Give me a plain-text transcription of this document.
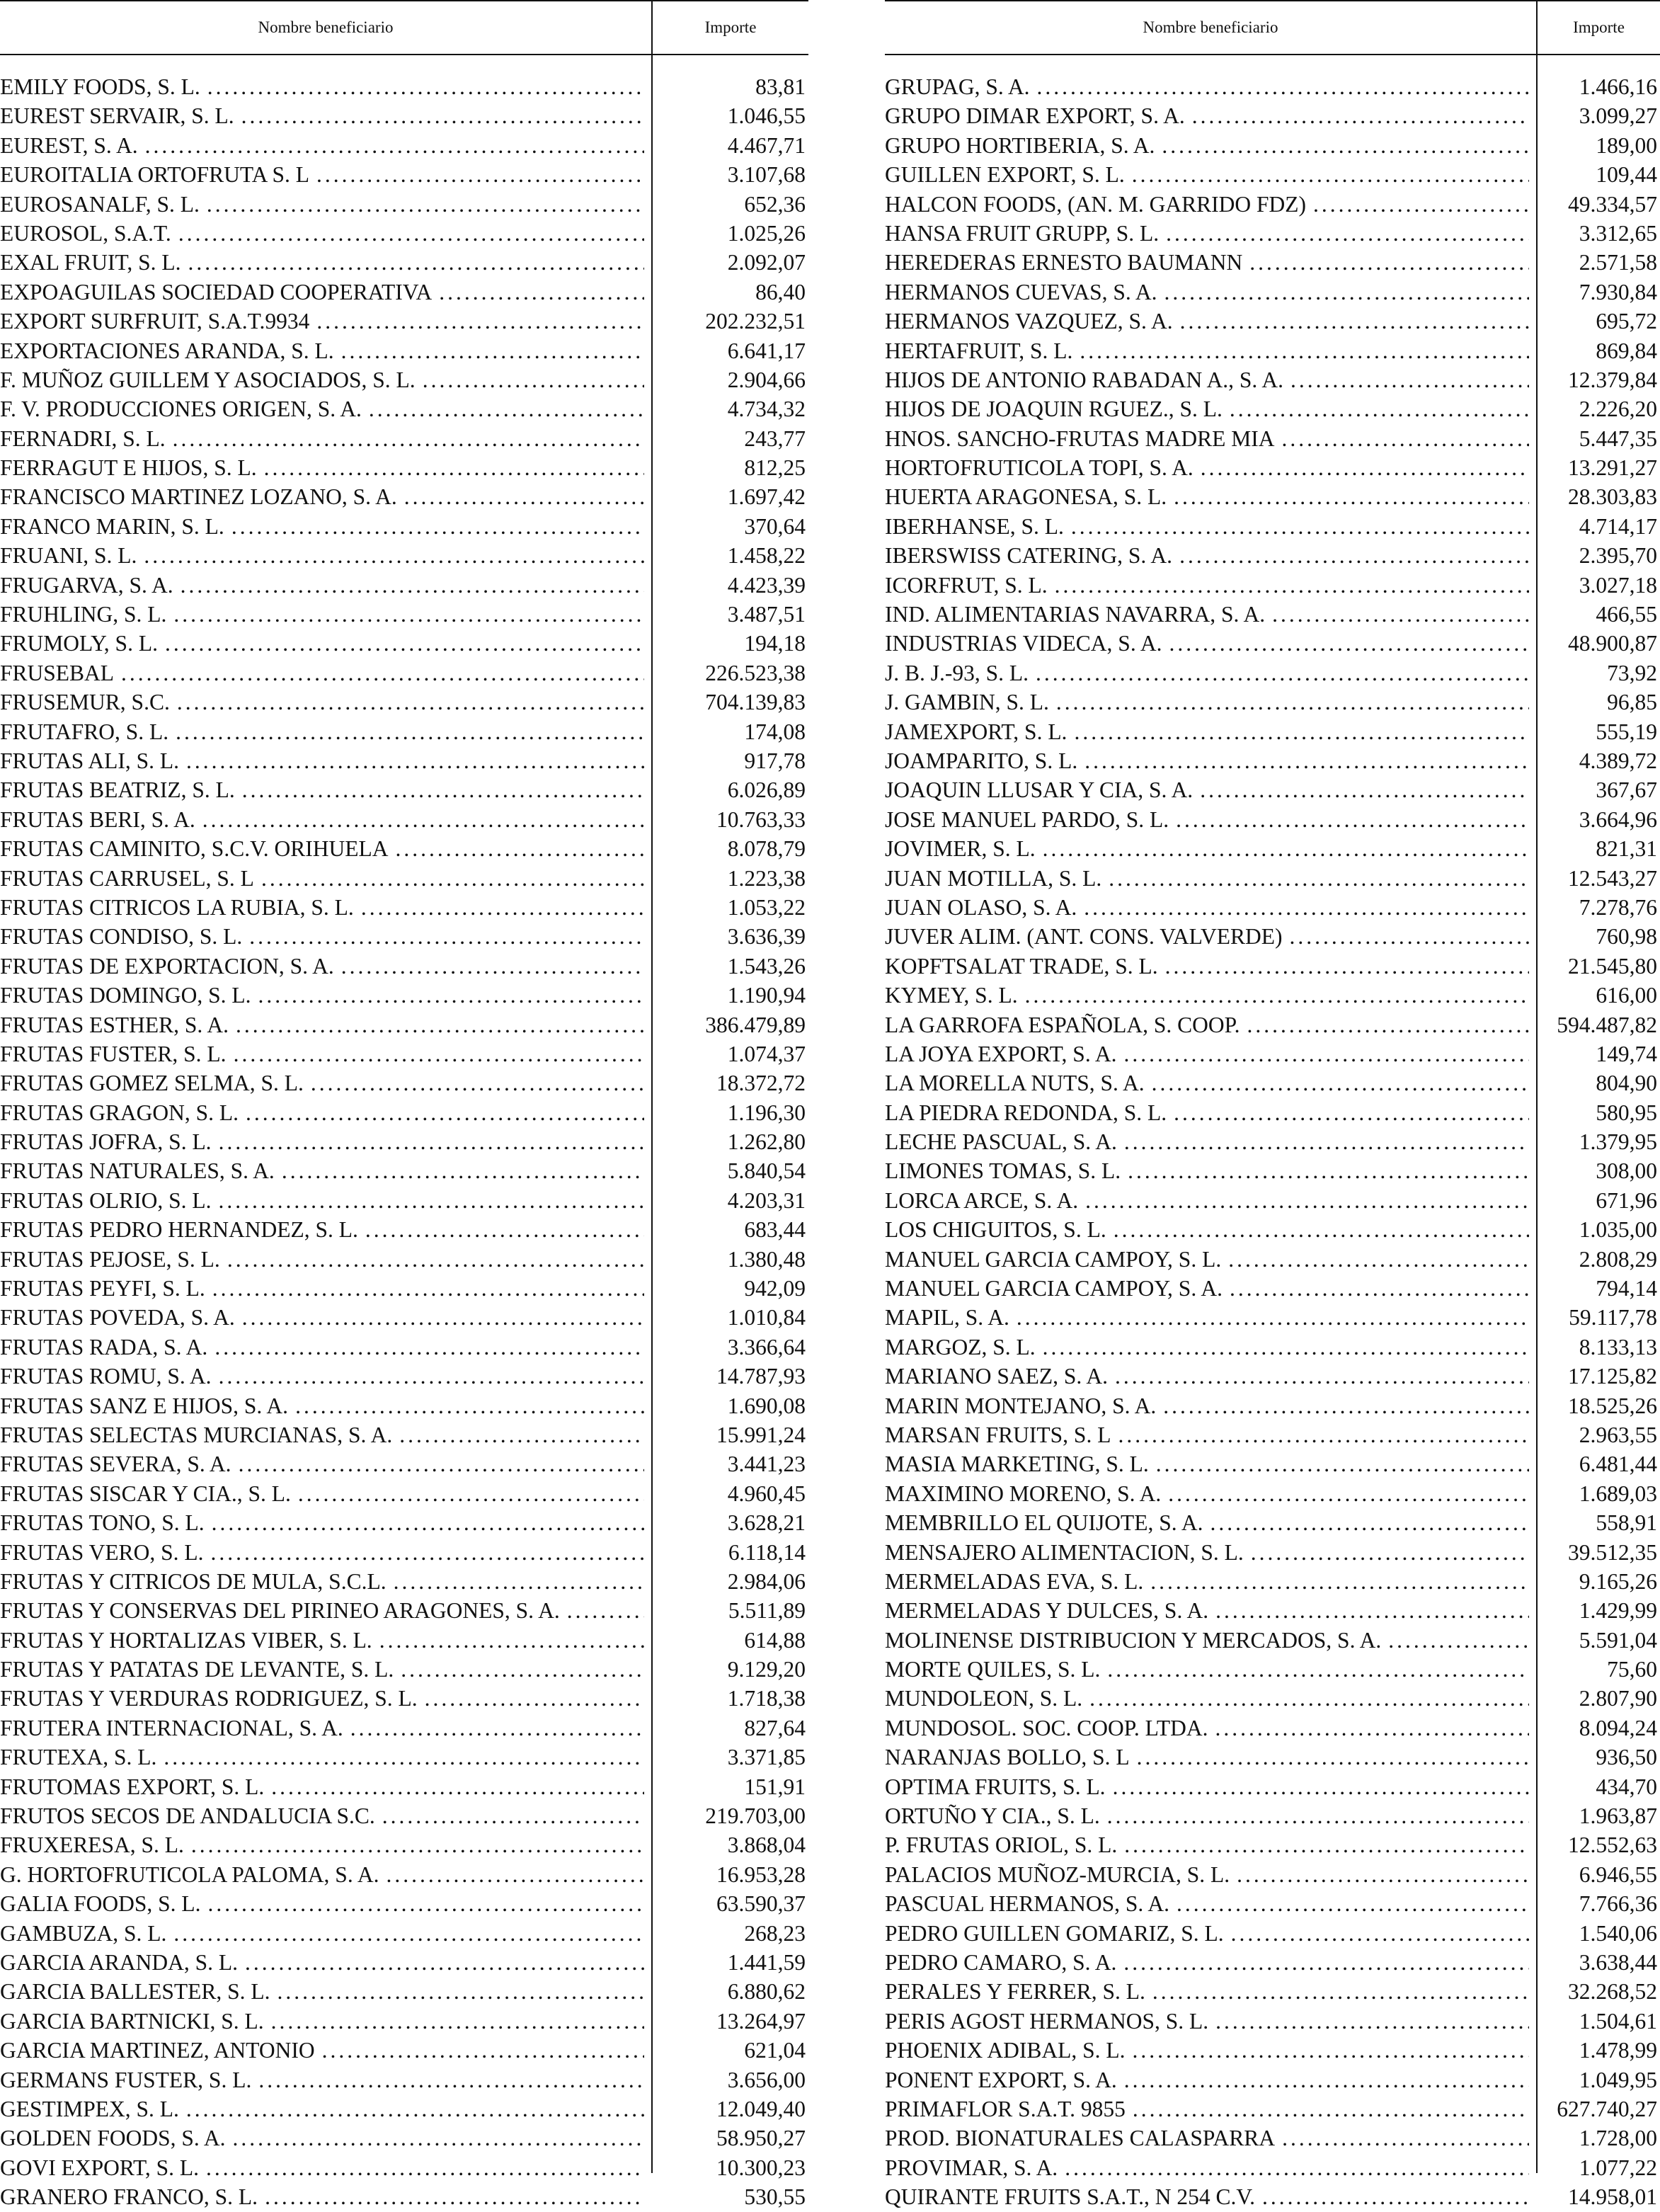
Nombre beneficiario	Importe
EMILY FOODS, S. L. .....	83,81
EUREST SERVAIR, S. L. .....	1.046,55
EUREST, S. A. .....	4.467,71
EUROITALIA ORTOFRUTA S. L .....	3.107,68
EUROSANALF, S. L. .....	652,36
EUROSOL, S.A.T. .....	1.025,26
EXAL FRUIT, S. L. .....	2.092,07
EXPOAGUILAS SOCIEDAD COOPERATIVA .....	86,40
EXPORT SURFRUIT, S.A.T.9934 .....	202.232,51
EXPORTACIONES ARANDA, S. L. .....	6.641,17
F. MUÑOZ GUILLEM Y ASOCIADOS, S. L. .....	2.904,66
F. V. PRODUCCIONES ORIGEN, S. A. .....	4.734,32
FERNADRI, S. L. .....	243,77
FERRAGUT E HIJOS, S. L. .....	812,25
FRANCISCO MARTINEZ LOZANO, S. A. .....	1.697,42
FRANCO MARIN, S. L. .....	370,64
FRUANI, S. L. .....	1.458,22
FRUGARVA, S. A. .....	4.423,39
FRUHLING, S. L. .....	3.487,51
FRUMOLY, S. L. .....	194,18
FRUSEBAL .....	226.523,38
FRUSEMUR, S.C. .....	704.139,83
FRUTAFRO, S. L. .....	174,08
FRUTAS ALI, S. L. .....	917,78
FRUTAS BEATRIZ, S. L. .....	6.026,89
FRUTAS BERI, S. A. .....	10.763,33
FRUTAS CAMINITO, S.C.V. ORIHUELA .....	8.078,79
FRUTAS CARRUSEL, S. L .....	1.223,38
FRUTAS CITRICOS LA RUBIA, S. L. .....	1.053,22
FRUTAS CONDISO, S. L. .....	3.636,39
FRUTAS DE EXPORTACION, S. A. .....	1.543,26
FRUTAS DOMINGO, S. L. .....	1.190,94
FRUTAS ESTHER, S. A. .....	386.479,89
FRUTAS FUSTER, S. L. .....	1.074,37
FRUTAS GOMEZ SELMA, S. L. .....	18.372,72
FRUTAS GRAGON, S. L. .....	1.196,30
FRUTAS JOFRA, S. L. .....	1.262,80
FRUTAS NATURALES, S. A. .....	5.840,54
FRUTAS OLRIO, S. L. .....	4.203,31
FRUTAS PEDRO HERNANDEZ, S. L. .....	683,44
FRUTAS PEJOSE, S. L. .....	1.380,48
FRUTAS PEYFI, S. L. .....	942,09
FRUTAS POVEDA, S. A. .....	1.010,84
FRUTAS RADA, S. A. .....	3.366,64
FRUTAS ROMU, S. A. .....	14.787,93
FRUTAS SANZ E HIJOS, S. A. .....	1.690,08
FRUTAS SELECTAS MURCIANAS, S. A. .....	15.991,24
FRUTAS SEVERA, S. A. .....	3.441,23
FRUTAS SISCAR Y CIA., S. L. .....	4.960,45
FRUTAS TONO, S. L. .....	3.628,21
FRUTAS VERO, S. L. .....	6.118,14
FRUTAS Y CITRICOS DE MULA, S.C.L. .....	2.984,06
FRUTAS Y CONSERVAS DEL PIRINEO ARAGONES, S. A. .....	5.511,89
FRUTAS Y HORTALIZAS VIBER, S. L. .....	614,88
FRUTAS Y PATATAS DE LEVANTE, S. L. .....	9.129,20
FRUTAS Y VERDURAS RODRIGUEZ, S. L. .....	1.718,38
FRUTERA INTERNACIONAL, S. A. .....	827,64
FRUTEXA, S. L. .....	3.371,85
FRUTOMAS EXPORT, S. L. .....	151,91
FRUTOS SECOS DE ANDALUCIA S.C. .....	219.703,00
FRUXERESA, S. L. .....	3.868,04
G. HORTOFRUTICOLA PALOMA, S. A. .....	16.953,28
GALIA FOODS, S. L. .....	63.590,37
GAMBUZA, S. L. .....	268,23
GARCIA ARANDA, S. L. .....	1.441,59
GARCIA BALLESTER, S. L. .....	6.880,62
GARCIA BARTNICKI, S. L. .....	13.264,97
GARCIA MARTINEZ, ANTONIO .....	621,04
GERMANS FUSTER, S. L. .....	3.656,00
GESTIMPEX, S. L. .....	12.049,40
GOLDEN FOODS, S. A. .....	58.950,27
GOVI EXPORT, S. L. .....	10.300,23
GRANERO FRANCO, S. L. .....	530,55
Nombre beneficiario	Importe
GRUPAG, S. A. .....	1.466,16
GRUPO DIMAR EXPORT, S. A. .....	3.099,27
GRUPO HORTIBERIA, S. A. .....	189,00
GUILLEN EXPORT, S. L. .....	109,44
HALCON FOODS, (AN. M. GARRIDO FDZ) .....	49.334,57
HANSA FRUIT GRUPP, S. L. .....	3.312,65
HEREDERAS ERNESTO BAUMANN .....	2.571,58
HERMANOS CUEVAS, S. A. .....	7.930,84
HERMANOS VAZQUEZ, S. A. .....	695,72
HERTAFRUIT, S. L. .....	869,84
HIJOS DE ANTONIO RABADAN A., S. A. .....	12.379,84
HIJOS DE JOAQUIN RGUEZ., S. L. .....	2.226,20
HNOS. SANCHO-FRUTAS MADRE MIA .....	5.447,35
HORTOFRUTICOLA TOPI, S. A. .....	13.291,27
HUERTA ARAGONESA, S. L. .....	28.303,83
IBERHANSE, S. L. .....	4.714,17
IBERSWISS CATERING, S. A. .....	2.395,70
ICORFRUT, S. L. .....	3.027,18
IND. ALIMENTARIAS NAVARRA, S. A. .....	466,55
INDUSTRIAS VIDECA, S. A. .....	48.900,87
J. B. J.-93, S. L. .....	73,92
J. GAMBIN, S. L. .....	96,85
JAMEXPORT, S. L. .....	555,19
JOAMPARITO, S. L. .....	4.389,72
JOAQUIN LLUSAR Y CIA, S. A. .....	367,67
JOSE MANUEL PARDO, S. L. .....	3.664,96
JOVIMER, S. L. .....	821,31
JUAN MOTILLA, S. L. .....	12.543,27
JUAN OLASO, S. A. .....	7.278,76
JUVER ALIM. (ANT. CONS. VALVERDE) .....	760,98
KOPFTSALAT TRADE, S. L. .....	21.545,80
KYMEY, S. L. .....	616,00
LA GARROFA ESPAÑOLA, S. COOP. .....	594.487,82
LA JOYA EXPORT, S. A. .....	149,74
LA MORELLA NUTS, S. A. .....	804,90
LA PIEDRA REDONDA, S. L. .....	580,95
LECHE PASCUAL, S. A. .....	1.379,95
LIMONES TOMAS, S. L. .....	308,00
LORCA ARCE, S. A. .....	671,96
LOS CHIGUITOS, S. L. .....	1.035,00
MANUEL GARCIA CAMPOY, S. L. .....	2.808,29
MANUEL GARCIA CAMPOY, S. A. .....	794,14
MAPIL, S. A. .....	59.117,78
MARGOZ, S. L. .....	8.133,13
MARIANO SAEZ, S. A. .....	17.125,82
MARIN MONTEJANO, S. A. .....	18.525,26
MARSAN FRUITS, S. L .....	2.963,55
MASIA MARKETING, S. L. .....	6.481,44
MAXIMINO MORENO, S. A. .....	1.689,03
MEMBRILLO EL QUIJOTE, S. A. .....	558,91
MENSAJERO ALIMENTACION, S. L. .....	39.512,35
MERMELADAS EVA, S. L. .....	9.165,26
MERMELADAS Y DULCES, S. A. .....	1.429,99
MOLINENSE DISTRIBUCION Y MERCADOS, S. A. .....	5.591,04
MORTE QUILES, S. L. .....	75,60
MUNDOLEON, S. L. .....	2.807,90
MUNDOSOL. SOC. COOP. LTDA. .....	8.094,24
NARANJAS BOLLO, S. L .....	936,50
OPTIMA FRUITS, S. L. .....	434,70
ORTUÑO Y CIA., S. L. .....	1.963,87
P. FRUTAS ORIOL, S. L. .....	12.552,63
PALACIOS MUÑOZ-MURCIA, S. L. .....	6.946,55
PASCUAL HERMANOS, S. A. .....	7.766,36
PEDRO GUILLEN GOMARIZ, S. L. .....	1.540,06
PEDRO CAMARO, S. A. .....	3.638,44
PERALES Y FERRER, S. L. .....	32.268,52
PERIS AGOST HERMANOS, S. L. .....	1.504,61
PHOENIX ADIBAL, S. L. .....	1.478,99
PONENT EXPORT, S. A. .....	1.049,95
PRIMAFLOR S.A.T. 9855 .....	627.740,27
PROD. BIONATURALES CALASPARRA .....	1.728,00
PROVIMAR, S. A. .....	1.077,22
QUIRANTE FRUITS S.A.T., N 254 C.V. .....	14.958,01
